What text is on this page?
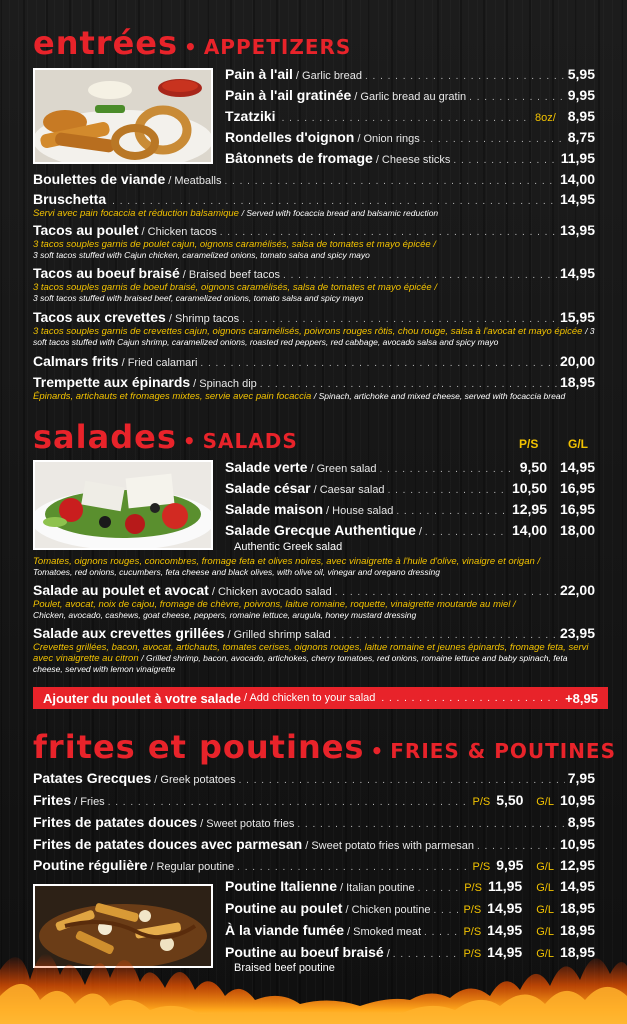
entrées • APPETIZERS
Pain à l'ail / Garlic bread . . .	5,95
Pain à l'ail gratinée / Garlic bread au gratin . . .	9,95
Tzatziki . . .	8oz/ 8,95
Rondelles d'oignon / Onion rings . . .	8,75
Bâtonnets de fromage / Cheese sticks . . .	11,95
Boulettes de viande / Meatballs . . .	14,00
Bruschetta . . .	14,95
Servi avec pain focaccia et réduction balsamique / Served with focaccia bread and balsamic reduction
Tacos au poulet / Chicken tacos . . .	13,95
3 tacos souples garnis de poulet cajun, oignons caramélisés, salsa de tomates et mayo épicée /
3 soft tacos stuffed with Cajun chicken, caramelized onions, tomato salsa and spicy mayo
Tacos au boeuf braisé / Braised beef tacos . . .	14,95
3 tacos souples garnis de boeuf braisé, oignons caramélisés, salsa de tomates et mayo épicée /
3 soft tacos stuffed with braised beef, caramelized onions, tomato salsa and spicy mayo
Tacos aux crevettes / Shrimp tacos . . .	15,95
3 tacos souples garnis de crevettes cajun, oignons caramélisés, poivrons rouges rôtis, chou rouge, salsa à l'avocat et mayo épicée / 3 soft tacos stuffed with Cajun shrimp, caramelized onions, roasted red peppers, red cabbage, avocado salsa and spicy mayo
Calmars frits / Fried calamari . . .	20,00
Trempette aux épinards / Spinach dip . . .	18,95
Épinards, artichauts et fromages mixtes, servie avec pain focaccia / Spinach, artichoke and mixed cheese, served with focaccia bread
salades • SALADS	P/S G/L
Salade verte / Green salad . . .	9,50 14,95
Salade césar / Caesar salad . . .	10,50 16,95
Salade maison / House salad . . .	12,95 16,95
Salade Grecque Authentique / . . .	14,00 18,00
Authentic Greek salad
Tomates, oignons rouges, concombres, fromage feta et olives noires, avec vinaigrette à l'huile d'olive, vinaigre et origan /
Tomatoes, red onions, cucumbers, feta cheese and black olives, with olive oil, vinegar and oregano dressing
Salade au poulet et avocat / Chicken avocado salad . . .	22,00
Poulet, avocat, noix de cajou, fromage de chèvre, poivrons, laitue romaine, roquette, vinaigrette moutarde au miel /
Chicken, avocado, cashews, goat cheese, peppers, romaine lettuce, arugula, honey mustard dressing
Salade aux crevettes grillées / Grilled shrimp salad . . .	23,95
Crevettes grillées, bacon, avocat, artichauts, tomates cerises, oignons rouges, laitue romaine et jeunes épinards, fromage feta, servi avec vinaigrette au citron / Grilled shrimp, bacon, avocado, artichokes, cherry tomatoes, red onions, romaine lettuce and baby spinach, feta cheese, served with lemon vinaigrette
Ajouter du poulet à votre salade / Add chicken to your salad . . .	+8,95
frites et poutines • FRIES & POUTINES
Patates Grecques / Greek potatoes . . .	7,95
Frites / Fries . . .	P/S 5,50	G/L 10,95
Frites de patates douces / Sweet potato fries . . .	8,95
Frites de patates douces avec parmesan / Sweet potato fries with parmesan . . .	10,95
Poutine régulière / Regular poutine . . .	P/S 9,95	G/L 12,95
Poutine Italienne / Italian poutine . . .	P/S 11,95 G/L 14,95
Poutine au poulet / Chicken poutine . . .	P/S 14,95 G/L 18,95
À la viande fumée / Smoked meat . . .	P/S 14,95 G/L 18,95
Poutine au boeuf braisé / . . .	P/S 14,95 G/L 18,95
Braised beef poutine
